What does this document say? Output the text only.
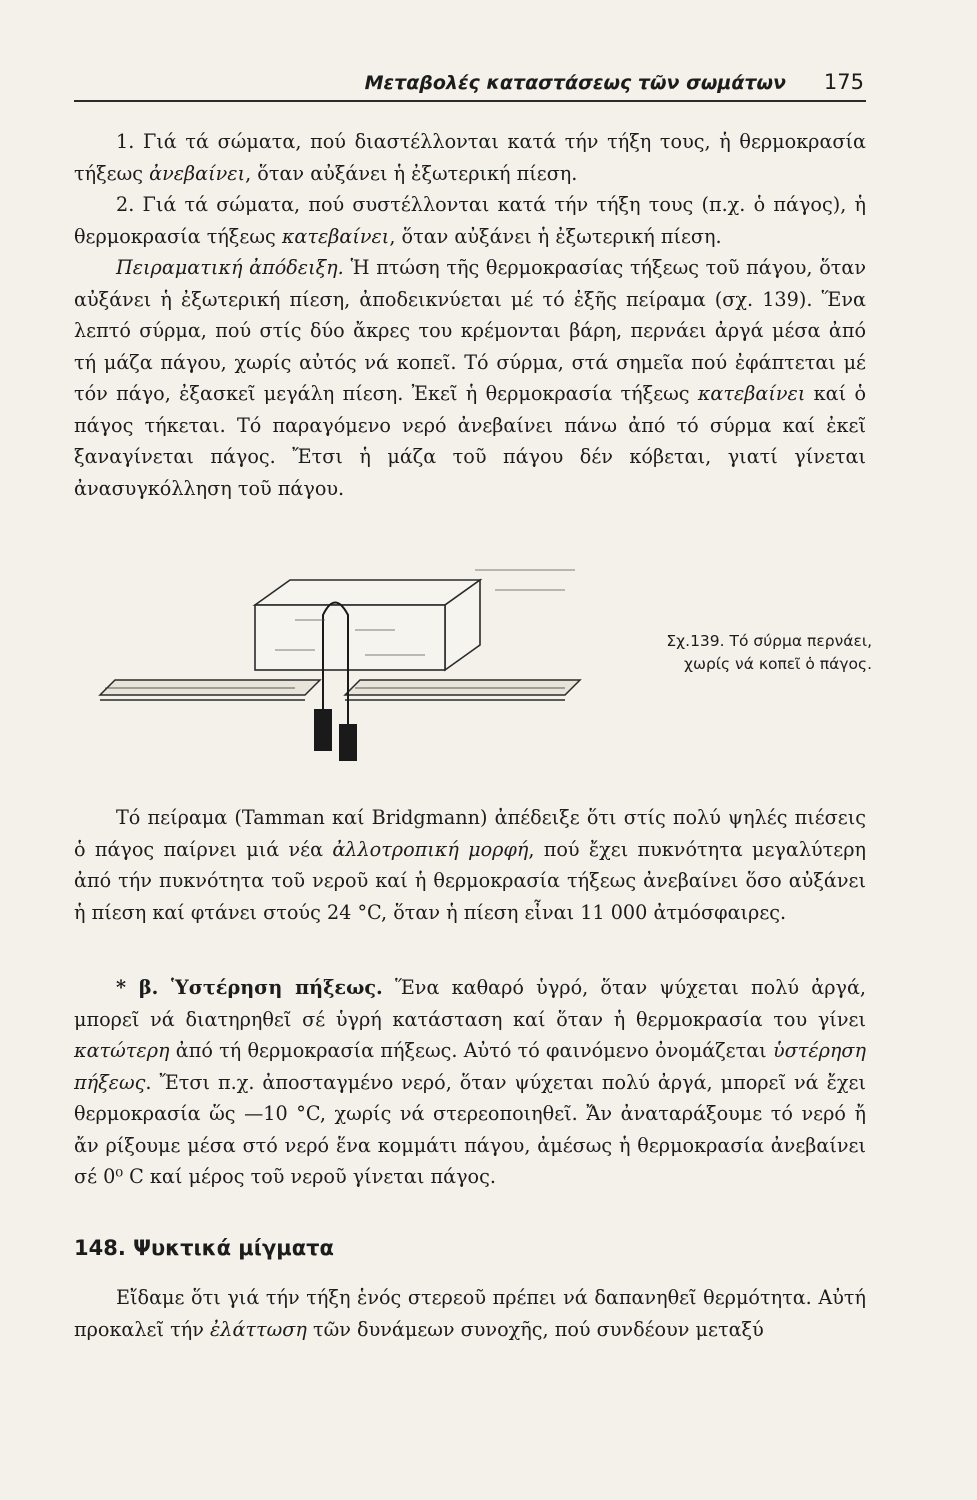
Μεταβολές καταστάσεως τῶν σωμάτων 175

1. Γιά τά σώματα, πού διαστέλλονται κατά τήν τήξη τους, ἡ θερμοκρασία τήξεως ἀνεβαίνει, ὅταν αὐξάνει ἡ ἐξωτερική πίεση.

2. Γιά τά σώματα, πού συστέλλονται κατά τήν τήξη τους (π.χ. ὁ πάγος), ἡ θερμοκρασία τήξεως κατεβαίνει, ὅταν αὐξάνει ἡ ἐξωτερική πίεση.

Πειραματική ἀπόδειξη. Ἡ πτώση τῆς θερμοκρασίας τήξεως τοῦ πάγου, ὅταν αὐξάνει ἡ ἐξωτερική πίεση, ἀποδεικνύεται μέ τό ἑξῆς πείραμα (σχ. 139). Ἕνα λεπτό σύρμα, πού στίς δύο ἄκρες του κρέμονται βάρη, περνάει ἀργά μέσα ἀπό τή μάζα πάγου, χωρίς αὐτός νά κοπεῖ. Τό σύρμα, στά σημεῖα πού ἐφάπτεται μέ τόν πάγο, ἐξασκεῖ μεγάλη πίεση. Ἐκεῖ ἡ θερμοκρασία τήξεως κατεβαίνει καί ὁ πάγος τήκεται. Τό παραγόμενο νερό ἀνεβαίνει πάνω ἀπό τό σύρμα καί ἐκεῖ ξαναγίνεται πάγος. Ἔτσι ἡ μάζα τοῦ πάγου δέν κόβεται, γιατί γίνεται ἀνασυγκόλληση τοῦ πάγου.

Σχ.139. Τό σύρμα περνάει,
χωρίς νά κοπεῖ ὁ πάγος.

Τό πείραμα (Tamman καί Bridgmann) ἀπέδειξε ὅτι στίς πολύ ψηλές πιέσεις ὁ πάγος παίρνει μιά νέα ἀλλοτροπική μορφή, πού ἔχει πυκνότητα μεγαλύτερη ἀπό τήν πυκνότητα τοῦ νεροῦ καί ἡ θερμοκρασία τήξεως ἀνεβαίνει ὅσο αὐξάνει ἡ πίεση καί φτάνει στούς 24 °C, ὅταν ἡ πίεση εἶναι 11 000 ἀτμόσφαιρες.

* β. Ὑστέρηση πήξεως. Ἕνα καθαρό ὑγρό, ὅταν ψύχεται πολύ ἀργά, μπορεῖ νά διατηρηθεῖ σέ ὑγρή κατάσταση καί ὅταν ἡ θερμοκρασία του γίνει κατώτερη ἀπό τή θερμοκρασία πήξεως. Αὐτό τό φαινόμενο ὀνομάζεται ὑστέρηση πήξεως. Ἔτσι π.χ. ἀποσταγμένο νερό, ὅταν ψύχεται πολύ ἀργά, μπορεῖ νά ἔχει θερμοκρασία ὥς —10 °C, χωρίς νά στερεοποιηθεῖ. Ἄν ἀναταράξουμε τό νερό ἤ ἄν ρίξουμε μέσα στό νερό ἕνα κομμάτι πάγου, ἀμέσως ἡ θερμοκρασία ἀνεβαίνει σέ 0⁰ C καί μέρος τοῦ νεροῦ γίνεται πάγος.

148. Ψυκτικά μίγματα

Εἴδαμε ὅτι γιά τήν τήξη ἑνός στερεοῦ πρέπει νά δαπανηθεῖ θερμότητα. Αὐτή προκαλεῖ τήν ἐλάττωση τῶν δυνάμεων συνοχῆς, πού συνδέουν μεταξύ
